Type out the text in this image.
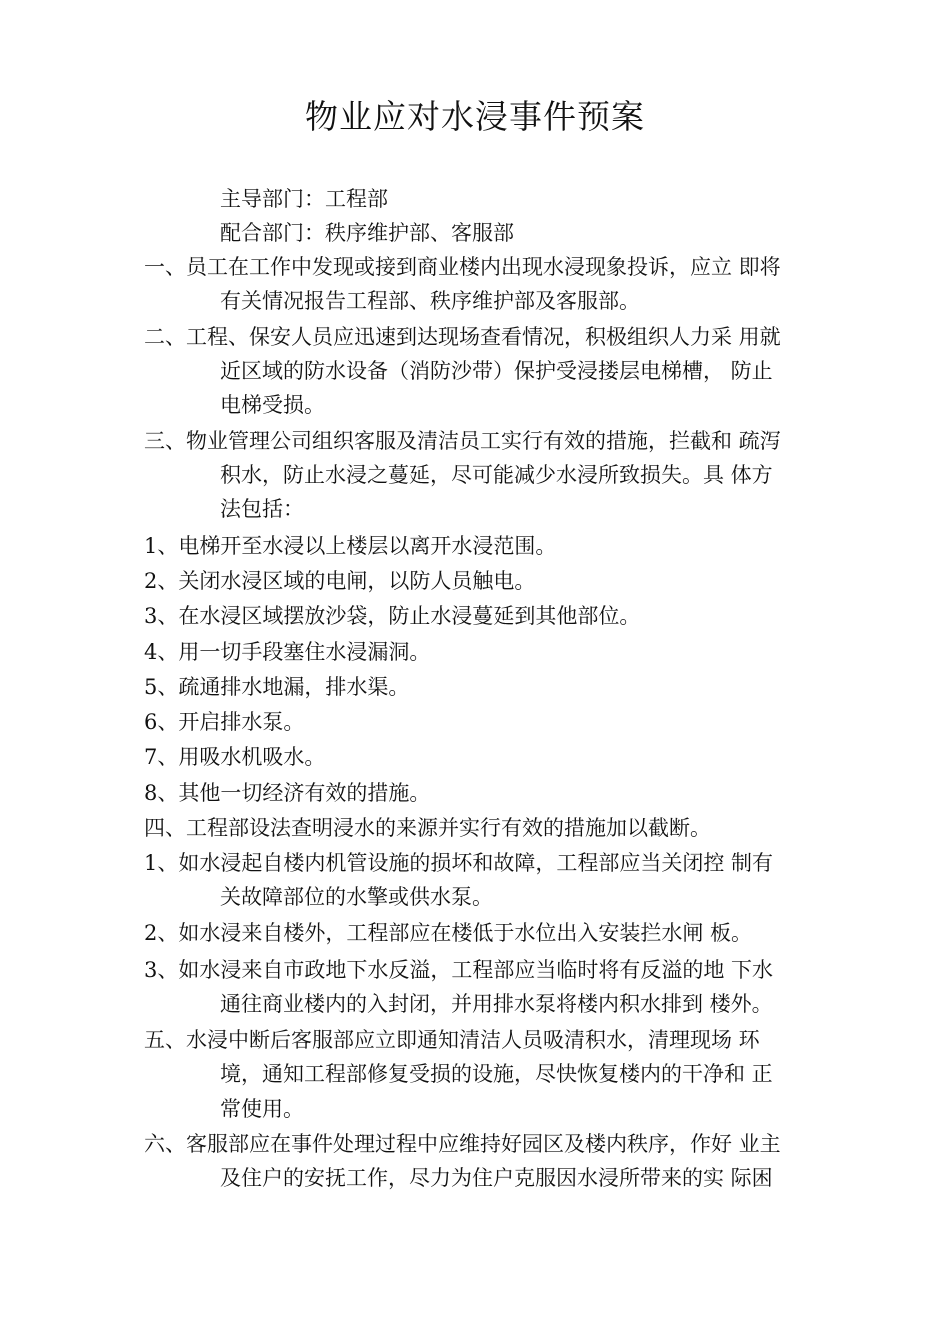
物业应对水浸事件预案

主导部门：工程部

配合部门：秩序维护部、客服部

一、员工在工作中发现或接到商业楼内出现水浸现象投诉，应立 即将

有关情况报告工程部、秩序维护部及客服部。

二、工程、保安人员应迅速到达现场查看情况，积极组织人力采 用就

近区域的防水设备（消防沙带）保护受浸搂层电梯槽， 防止

电梯受损。

三、物业管理公司组织客服及清洁员工实行有效的措施，拦截和 疏泻

积水，防止水浸之蔓延，尽可能减少水浸所致损失。具 体方

法包括：

1、电梯开至水浸以上楼层以离开水浸范围。

2、关闭水浸区域的电闸，以防人员触电。

3、在水浸区域摆放沙袋，防止水浸蔓延到其他部位。

4、用一切手段塞住水浸漏洞。

5、疏通排水地漏，排水渠。

6、开启排水泵。

7、用吸水机吸水。

8、其他一切经济有效的措施。

四、工程部设法查明浸水的来源并实行有效的措施加以截断。

1、如水浸起自楼内机管设施的损坏和故障，工程部应当关闭控 制有

关故障部位的水擎或供水泵。

2、如水浸来自楼外，工程部应在楼低于水位出入安装拦水闸 板。

3、如水浸来自市政地下水反溢，工程部应当临时将有反溢的地 下水

通往商业楼内的入封闭，并用排水泵将楼内积水排到 楼外。

五、水浸中断后客服部应立即通知清洁人员吸清积水，清理现场 环

境，通知工程部修复受损的设施，尽快恢复楼内的干净和 正

常使用。

六、客服部应在事件处理过程中应维持好园区及楼内秩序，作好 业主

及住户的安抚工作，尽力为住户克服因水浸所带来的实 际困
